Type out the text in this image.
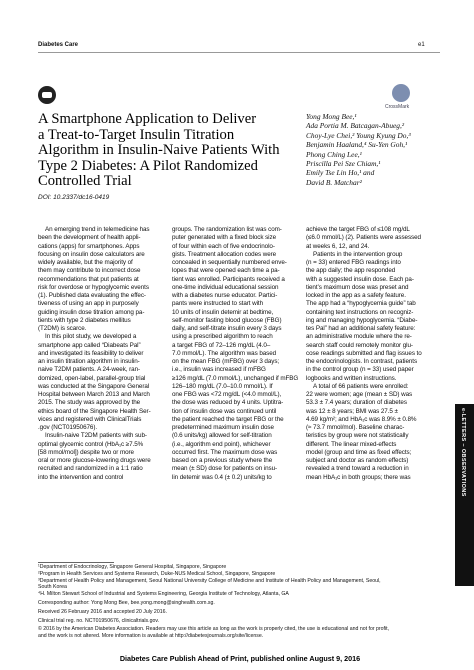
Diabetes Care	e1
CrossMark
A Smartphone Application to Deliver
a Treat-to-Target Insulin Titration
Algorithm in Insulin-Naive Patients With
Type 2 Diabetes: A Pilot Randomized
Controlled Trial
DOI: 10.2337/dc16-0419
Yong Mong Bee,¹
Ada Portia M. Batcagan-Abueg,²
Choy-Lye Chei,² Young Kyung Do,³
Benjamin Haaland,⁴ Su-Yen Goh,¹
Phong Ching Lee,¹
Priscilla Pei Sze Chiam,¹
Emily Tse Lin Ho,¹ and
David B. Matchar²
An emerging trend in telemedicine has
been the development of health appli-
cations (apps) for smartphones. Apps
focusing on insulin dose calculators are
widely available, but the majority of
them may contribute to incorrect dose
recommendations that put patients at
risk for overdose or hypoglycemic events
(1). Published data evaluating the effec-
tiveness of using an app in purposely
guiding insulin dose titration among pa-
tients with type 2 diabetes mellitus
(T2DM) is scarce.
In this pilot study, we developed a
smartphone app called “Diabeats Pal”
and investigated its feasibility to deliver
an insulin titration algorithm in insulin-
naive T2DM patients. A 24-week, ran-
domized, open-label, parallel-group trial
was conducted at the Singapore General
Hospital between March 2013 and March
2015. The study was approved by the
ethics board of the Singapore Health Ser-
vices and registered with ClinicalTrials
.gov (NCT01950676).
Insulin-naive T2DM patients with sub-
optimal glycemic control (HbA₁c ≥7.5%
[58 mmol/mol]) despite two or more
oral or more glucose-lowering drugs were
recruited and randomized in a 1:1 ratio
into the intervention and control
groups. The randomization list was com-
puter generated with a fixed block size
of four within each of five endocrinolo-
gists. Treatment allocation codes were
concealed in sequentially numbered enve-
lopes that were opened each time a pa-
tient was enrolled. Participants received a
one-time individual educational session
with a diabetes nurse educator. Partici-
pants were instructed to start with
10 units of insulin detemir at bedtime,
self-monitor fasting blood glucose (FBG)
daily, and self-titrate insulin every 3 days
using a prescribed algorithm to reach
a target FBG of 72–126 mg/dL (4.0–
7.0 mmol/L). The algorithm was based
on the mean FBG (mFBG) over 3 days;
i.e., insulin was increased if mFBG
≥126 mg/dL (7.0 mmol/L), unchanged if mFBG
126–180 mg/dL (7.0–10.0 mmol/L). If
one FBG was <72 mg/dL (<4.0 mmol/L),
the dose was reduced by 4 units. Uptitra-
tion of insulin dose was continued until
the patient reached the target FBG or the
predetermined maximum insulin dose
(0.6 units/kg) allowed for self-titration
(i.e., algorithm end point), whichever
occurred first. The maximum dose was
based on a previous study where the
mean (± SD) dose for patients on insu-
lin detemir was 0.4 (± 0.2) units/kg to
achieve the target FBG of ≤108 mg/dL
(≤6.0 mmol/L) (2). Patients were assessed
at weeks 6, 12, and 24.
Patients in the intervention group
(n = 33) entered FBG readings into
the app daily; the app responded
with a suggested insulin dose. Each pa-
tient’s maximum dose was preset and
locked in the app as a safety feature.
The app had a “hypoglycemia guide” tab
containing text instructions on recogniz-
ing and managing hypoglycemia. “Diabe-
tes Pal” had an additional safety feature:
an administrative module where the re-
search staff could remotely monitor glu-
cose readings submitted and flag issues to
the endocrinologists. In contrast, patients
in the control group (n = 33) used paper
logbooks and written instructions.
A total of 66 patients were enrolled:
22 were women; age (mean ± SD) was
53.3 ± 7.4 years; duration of diabetes
was 12 ± 8 years; BMI was 27.5 ±
4.69 kg/m²; and HbA₁c was 8.9% ± 0.8%
(≈ 73.7 mmol/mol). Baseline charac-
teristics by group were not statistically
different. The linear mixed-effects
model (group and time as fixed effects;
subject and doctor as random effects)
revealed a trend toward a reduction in
mean HbA₁c in both groups; there was	e-LETTERS – OBSERVATIONS
¹Department of Endocrinology, Singapore General Hospital, Singapore, Singapore
²Program in Health Services and Systems Research, Duke-NUS Medical School, Singapore, Singapore
³Department of Health Policy and Management, Seoul National University College of Medicine and Institute of Health Policy and Management, Seoul,
South Korea
⁴H. Milton Stewart School of Industrial and Systems Engineering, Georgia Institute of Technology, Atlanta, GA
Corresponding author: Yong Mong Bee, bee.yong.mong@singhealth.com.sg.
Received 26 February 2016 and accepted 20 July 2016.
Clinical trial reg. no. NCT01950676, clinicaltrials.gov.
© 2016 by the American Diabetes Association. Readers may use this article as long as the work is properly cited, the use is educational and not for profit,
and the work is not altered. More information is available at http://diabetesjournals.org/site/license.
Diabetes Care Publish Ahead of Print, published online August 9, 2016
